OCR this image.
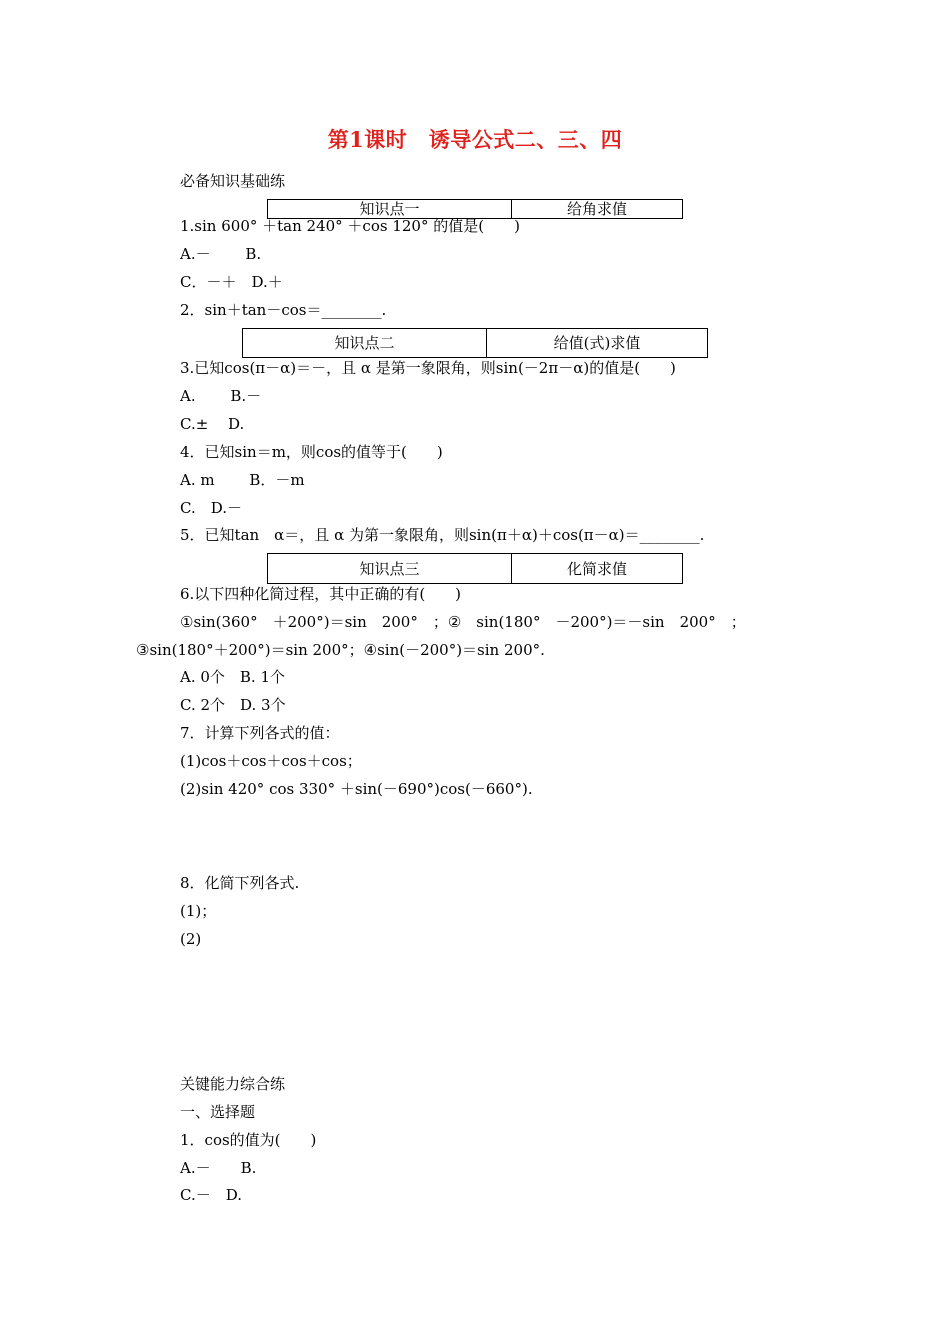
第1课时　诱导公式二、三、四
必备知识基础练
知识点一	给角求值
1.sin 600° ＋tan 240° ＋cos 120° 的值是(　　)
A.－　　 B.
C．－＋　D.＋
2．sin＋tan－cos＝________.
知识点二	给值(式)求值
3.已知cos(π－α)＝－，且 α 是第一象限角，则sin(－2π－α)的值是(　　)
A.　　 B.－
C.±　 D.
4．已知sin＝m，则cos的值等于(　　)
A. m　　 B．－m
C.　D.－
5．已知tan　α＝，且 α 为第一象限角，则sin(π＋α)＋cos(π－α)＝________.
知识点三	化简求值
6.以下四种化简过程，其中正确的有(　　)
①sin(360°　＋200°)＝sin　200°　；②　sin(180°　－200°)＝－sin　200°　；
③sin(180°＋200°)＝sin 200°；④sin(－200°)＝sin 200°.
A. 0个　B. 1个
C. 2个　D. 3个
7．计算下列各式的值：
(1)cos＋cos＋cos＋cos；
(2)sin 420° cos 330° ＋sin(－690°)cos(－660°).
8．化简下列各式.
(1)；
(2)
关键能力综合练
一、选择题
1．cos的值为(　　)
A.－　　B.
C.－　D.
